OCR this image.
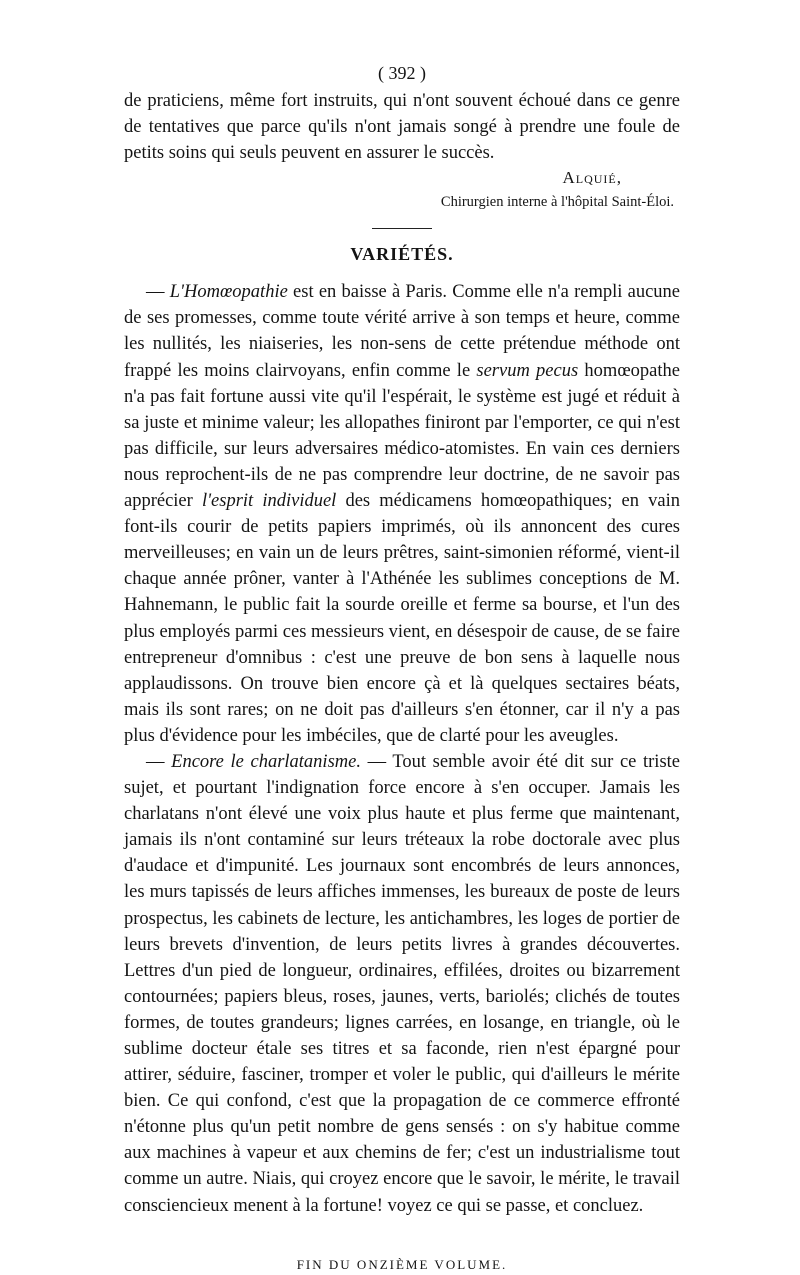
( 392 )

de praticiens, même fort instruits, qui n'ont souvent échoué dans ce genre de tentatives que parce qu'ils n'ont jamais songé à prendre une foule de petits soins qui seuls peuvent en assurer le succès.

Alquié,
Chirurgien interne à l'hôpital Saint-Éloi.
VARIÉTÉS.

— L'Homœopathie est en baisse à Paris. Comme elle n'a rempli aucune de ses promesses, comme toute vérité arrive à son temps et heure, comme les nullités, les niaiseries, les non-sens de cette prétendue méthode ont frappé les moins clairvoyans, enfin comme le servum pecus homœopathe n'a pas fait fortune aussi vite qu'il l'espérait, le système est jugé et réduit à sa juste et minime valeur; les allopathes finiront par l'emporter, ce qui n'est pas difficile, sur leurs adversaires médico-atomistes. En vain ces derniers nous reprochent-ils de ne pas comprendre leur doctrine, de ne savoir pas apprécier l'esprit individuel des médicamens homœopathiques; en vain font-ils courir de petits papiers imprimés, où ils annoncent des cures merveilleuses; en vain un de leurs prêtres, saint-simonien réformé, vient-il chaque année prôner, vanter à l'Athénée les sublimes conceptions de M. Hahnemann, le public fait la sourde oreille et ferme sa bourse, et l'un des plus employés parmi ces messieurs vient, en désespoir de cause, de se faire entrepreneur d'omnibus : c'est une preuve de bon sens à laquelle nous applaudissons. On trouve bien encore çà et là quelques sectaires béats, mais ils sont rares; on ne doit pas d'ailleurs s'en étonner, car il n'y a pas plus d'évidence pour les imbéciles, que de clarté pour les aveugles.

— Encore le charlatanisme. — Tout semble avoir été dit sur ce triste sujet, et pourtant l'indignation force encore à s'en occuper. Jamais les charlatans n'ont élevé une voix plus haute et plus ferme que maintenant, jamais ils n'ont contaminé sur leurs tréteaux la robe doctorale avec plus d'audace et d'impunité. Les journaux sont encombrés de leurs annonces, les murs tapissés de leurs affiches immenses, les bureaux de poste de leurs prospectus, les cabinets de lecture, les antichambres, les loges de portier de leurs brevets d'invention, de leurs petits livres à grandes découvertes. Lettres d'un pied de longueur, ordinaires, effilées, droites ou bizarrement contournées; papiers bleus, roses, jaunes, verts, bariolés; clichés de toutes formes, de toutes grandeurs; lignes carrées, en losange, en triangle, où le sublime docteur étale ses titres et sa faconde, rien n'est épargné pour attirer, séduire, fasciner, tromper et voler le public, qui d'ailleurs le mérite bien. Ce qui confond, c'est que la propagation de ce commerce effronté n'étonne plus qu'un petit nombre de gens sensés : on s'y habitue comme aux machines à vapeur et aux chemins de fer; c'est un industrialisme tout comme un autre. Niais, qui croyez encore que le savoir, le mérite, le travail consciencieux menent à la fortune! voyez ce qui se passe, et concluez.

FIN DU ONZIÈME VOLUME.
